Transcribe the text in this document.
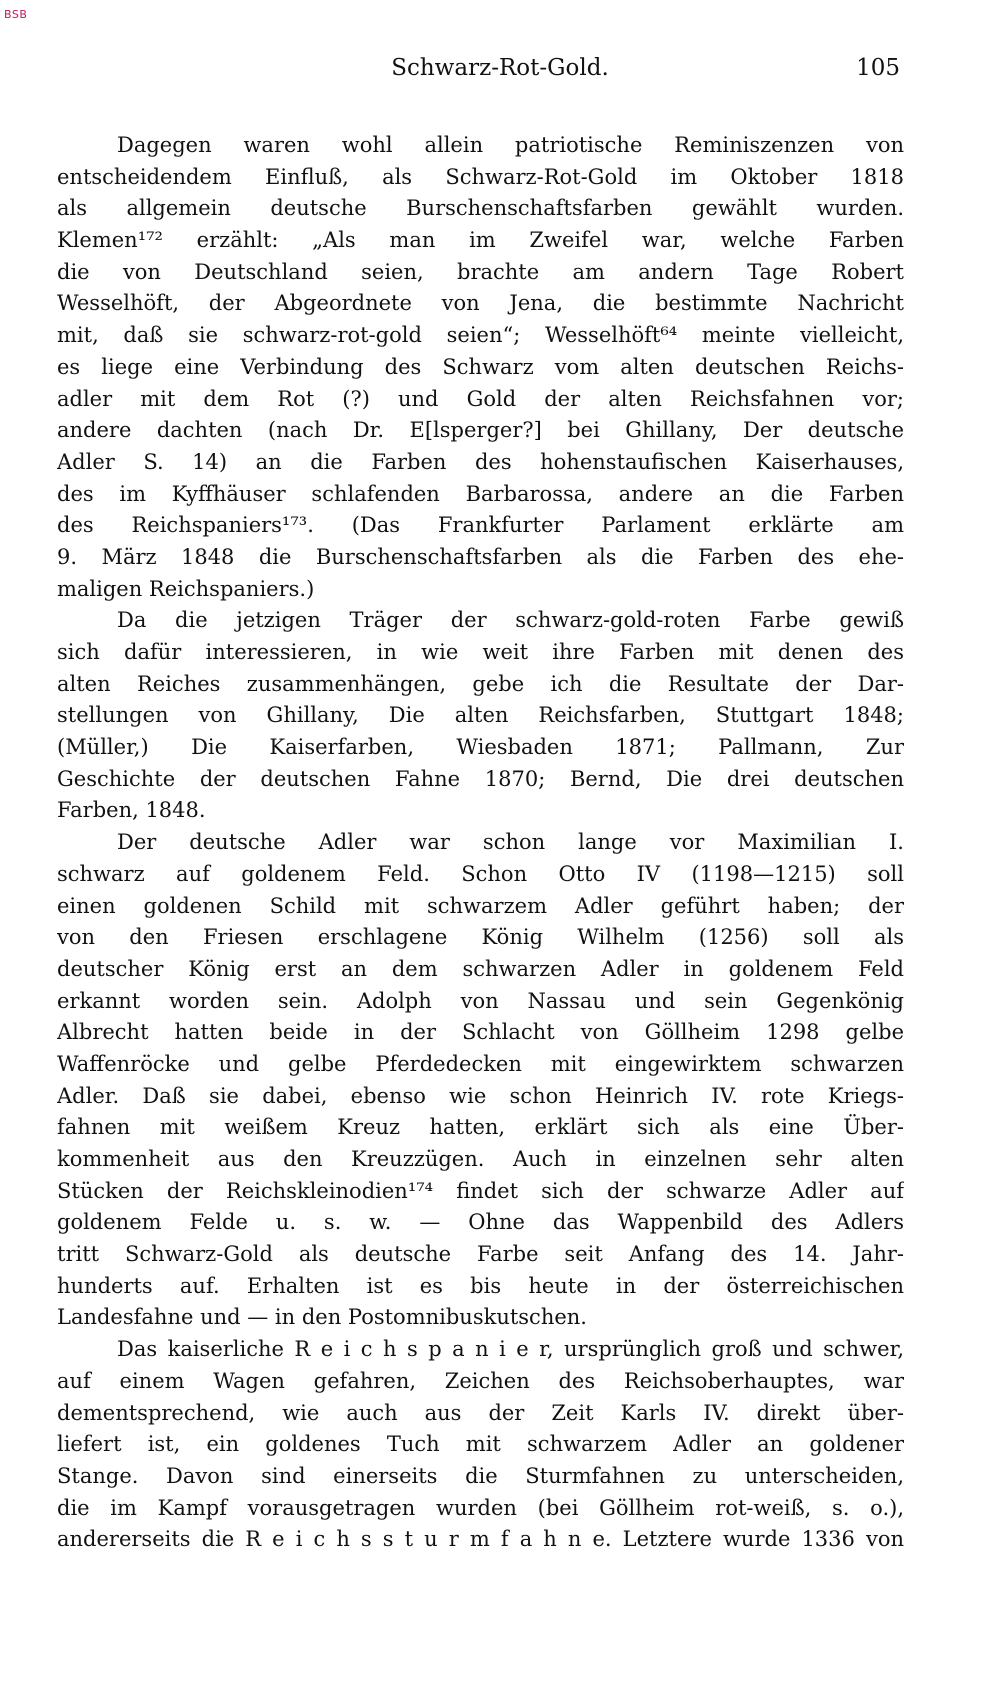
BSB
Schwarz-Rot-Gold.	105
Dagegen waren wohl allein patriotische Reminiszenzen von
entscheidendem Einfluß, als Schwarz-Rot-Gold im Oktober 1818
als allgemein deutsche Burschenschaftsfarben gewählt wurden.
Klemen¹⁷² erzählt: „Als man im Zweifel war, welche Farben
die von Deutschland seien, brachte am andern Tage Robert
Wesselhöft, der Abgeordnete von Jena, die bestimmte Nachricht
mit, daß sie schwarz-rot-gold seien“; Wesselhöft⁶⁴ meinte vielleicht,
es liege eine Verbindung des Schwarz vom alten deutschen Reichs-
adler mit dem Rot (?) und Gold der alten Reichsfahnen vor;
andere dachten (nach Dr. E[lsperger?] bei Ghillany, Der deutsche
Adler S. 14) an die Farben des hohenstaufischen Kaiserhauses,
des im Kyffhäuser schlafenden Barbarossa, andere an die Farben
des Reichspaniers¹⁷³. (Das Frankfurter Parlament erklärte am
9. März 1848 die Burschenschaftsfarben als die Farben des ehe-
maligen Reichspaniers.)
Da die jetzigen Träger der schwarz-gold-roten Farbe gewiß
sich dafür interessieren, in wie weit ihre Farben mit denen des
alten Reiches zusammenhängen, gebe ich die Resultate der Dar-
stellungen von Ghillany, Die alten Reichsfarben, Stuttgart 1848;
(Müller,) Die Kaiserfarben, Wiesbaden 1871; Pallmann, Zur
Geschichte der deutschen Fahne 1870; Bernd, Die drei deutschen
Farben, 1848.
Der deutsche Adler war schon lange vor Maximilian I.
schwarz auf goldenem Feld. Schon Otto IV (1198—1215) soll
einen goldenen Schild mit schwarzem Adler geführt haben; der
von den Friesen erschlagene König Wilhelm (1256) soll als
deutscher König erst an dem schwarzen Adler in goldenem Feld
erkannt worden sein. Adolph von Nassau und sein Gegenkönig
Albrecht hatten beide in der Schlacht von Göllheim 1298 gelbe
Waffenröcke und gelbe Pferdedecken mit eingewirktem schwarzen
Adler. Daß sie dabei, ebenso wie schon Heinrich IV. rote Kriegs-
fahnen mit weißem Kreuz hatten, erklärt sich als eine Über-
kommenheit aus den Kreuzzügen. Auch in einzelnen sehr alten
Stücken der Reichskleinodien¹⁷⁴ findet sich der schwarze Adler auf
goldenem Felde u. s. w. — Ohne das Wappenbild des Adlers
tritt Schwarz-Gold als deutsche Farbe seit Anfang des 14. Jahr-
hunderts auf. Erhalten ist es bis heute in der österreichischen
Landesfahne und — in den Postomnibuskutschen.
Das kaiserliche R e i c h s p a n i e r, ursprünglich groß und schwer,
auf einem Wagen gefahren, Zeichen des Reichsoberhauptes, war
dementsprechend, wie auch aus der Zeit Karls IV. direkt über-
liefert ist, ein goldenes Tuch mit schwarzem Adler an goldener
Stange. Davon sind einerseits die Sturmfahnen zu unterscheiden,
die im Kampf vorausgetragen wurden (bei Göllheim rot-weiß, s. o.),
andererseits die R e i c h s s t u r m f a h n e. Letztere wurde 1336 von
